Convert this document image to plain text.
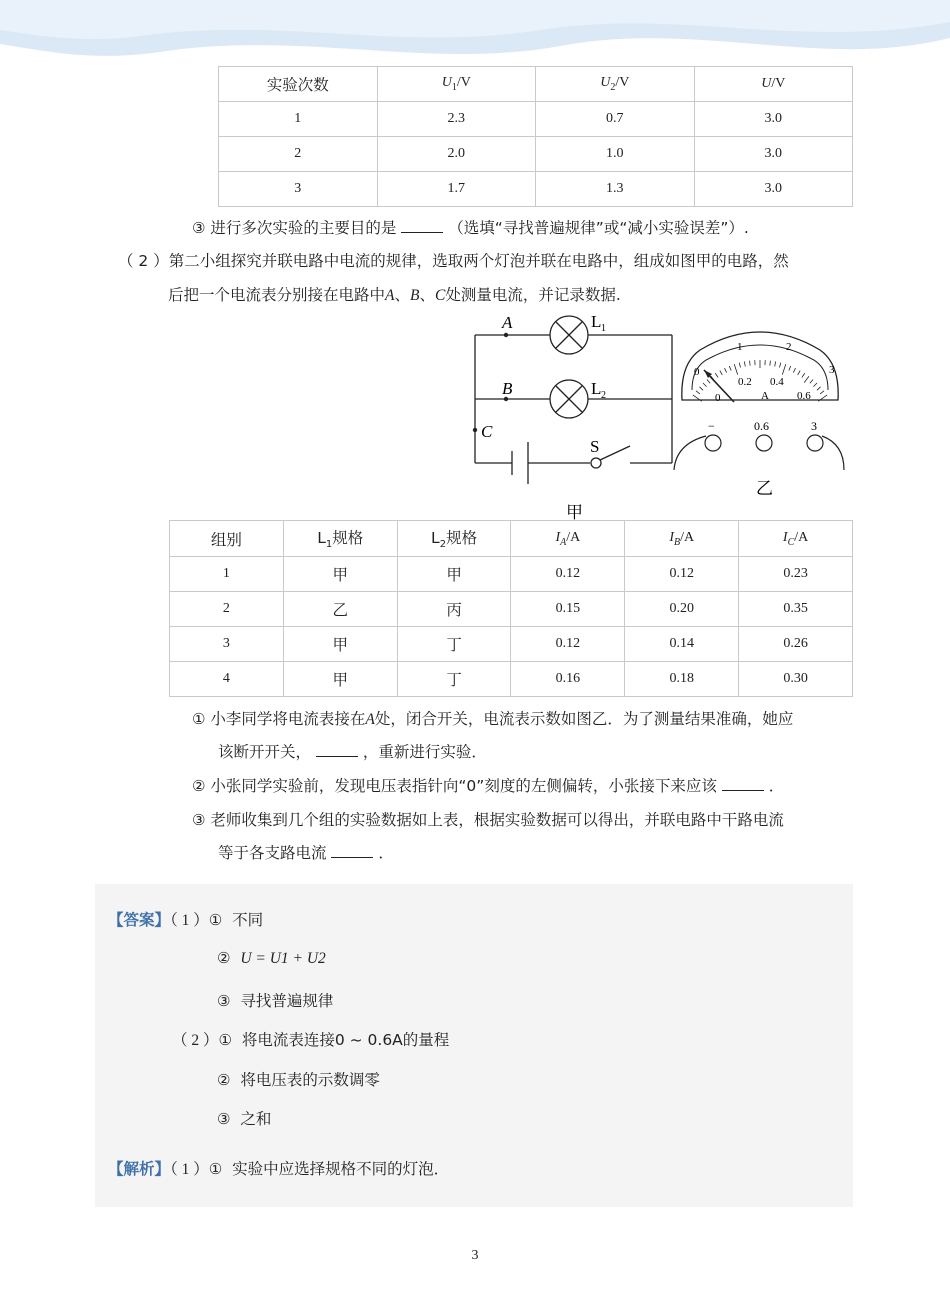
实验次数	$U_1/V$	$U_2/V$	U/V
1	2.3	0.7	3.0
2	2.0	1.0	3.0
3	1.7	1.3	3.0
③ 进行多次实验的主要目的是	（选填“寻找普遍规律”或“减小实验误差”）.
（ 2 ）第二小组探究并联电路中电流的规律，选取两个灯泡并联在电路中，组成如图甲的电路，然
后把一个电流表分别接在电路中A、B、C处测量电流，并记录数据.
A
B
C
L 1
L 2
S
甲
0
1	2
3
0
0.2 0.4
0.6
A
−	0.6	3
乙
组别	$L_1$规格	$L_2$规格	$I_A/A$	$I_B/A$	$I_C/A$
1	甲	甲	0.12	0.12	0.23
2	乙	丙	0.15	0.20	0.35
3	甲	丁	0.12	0.14	0.26
4	甲	丁	0.16	0.18	0.30
① 小李同学将电流表接在A处，闭合开关，电流表示数如图乙．为了测量结果准确，她应
该断开开关，	，重新进行实验．
② 小张同学实验前，发现电压表指针向“0”刻度的左侧偏转，小张接下来应该	．
③ 老师收集到几个组的实验数据如上表，根据实验数据可以得出，并联电路中干路电流
等于各支路电流	．
【答案】（ 1 ）① 不同
② U = U1 + U2
③ 寻找普遍规律
（ 2 ）① 将电流表连接0 ~ 0.6A的量程
② 将电压表的示数调零
③ 之和
【解析】（ 1 ）① 实验中应选择规格不同的灯泡．
3
